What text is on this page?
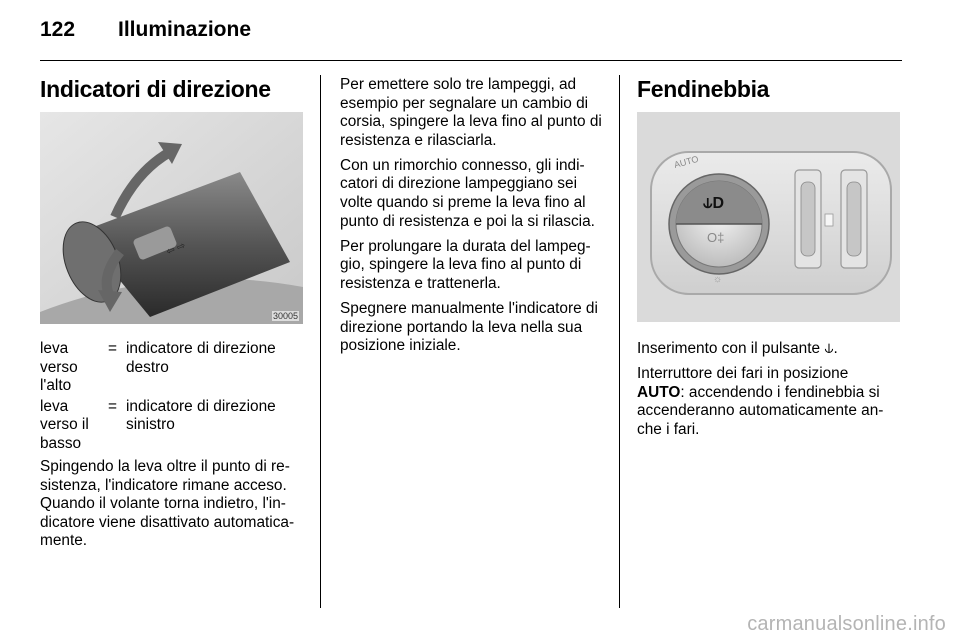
122 Illuminazione
Indicatori di direzione
⇦ ⇨
30005
leva verso l'alto
= indicatore di direzione destro
leva verso il basso
= indicatore di direzione sinistro

Spingendo la leva oltre il punto di re- sistenza, l'indicatore rimane acceso. Quando il volante torna indietro, l'in- dicatore viene disattivato automatica- mente.

Per emettere solo tre lampeggi, ad esempio per segnalare un cambio di corsia, spingere la leva fino al punto di resistenza e rilasciarla.

Con un rimorchio connesso, gli indi- catori di direzione lampeggiano sei volte quando si preme la leva fino al punto di resistenza e poi la si rilascia.

Per prolungare la durata del lampeg- gio, spingere la leva fino al punto di resistenza e trattenerla.

Spegnere manualmente l'indicatore di direzione portando la leva nella sua posizione iniziale.

Fendinebbia
⫝D
O‡
AUTO
☼

Inserimento con il pulsante ⫝.

Interruttore dei fari in posizione
AUTO: accendendo i fendinebbia si accenderanno automaticamente an- che i fari.

carmanualsonline.info
